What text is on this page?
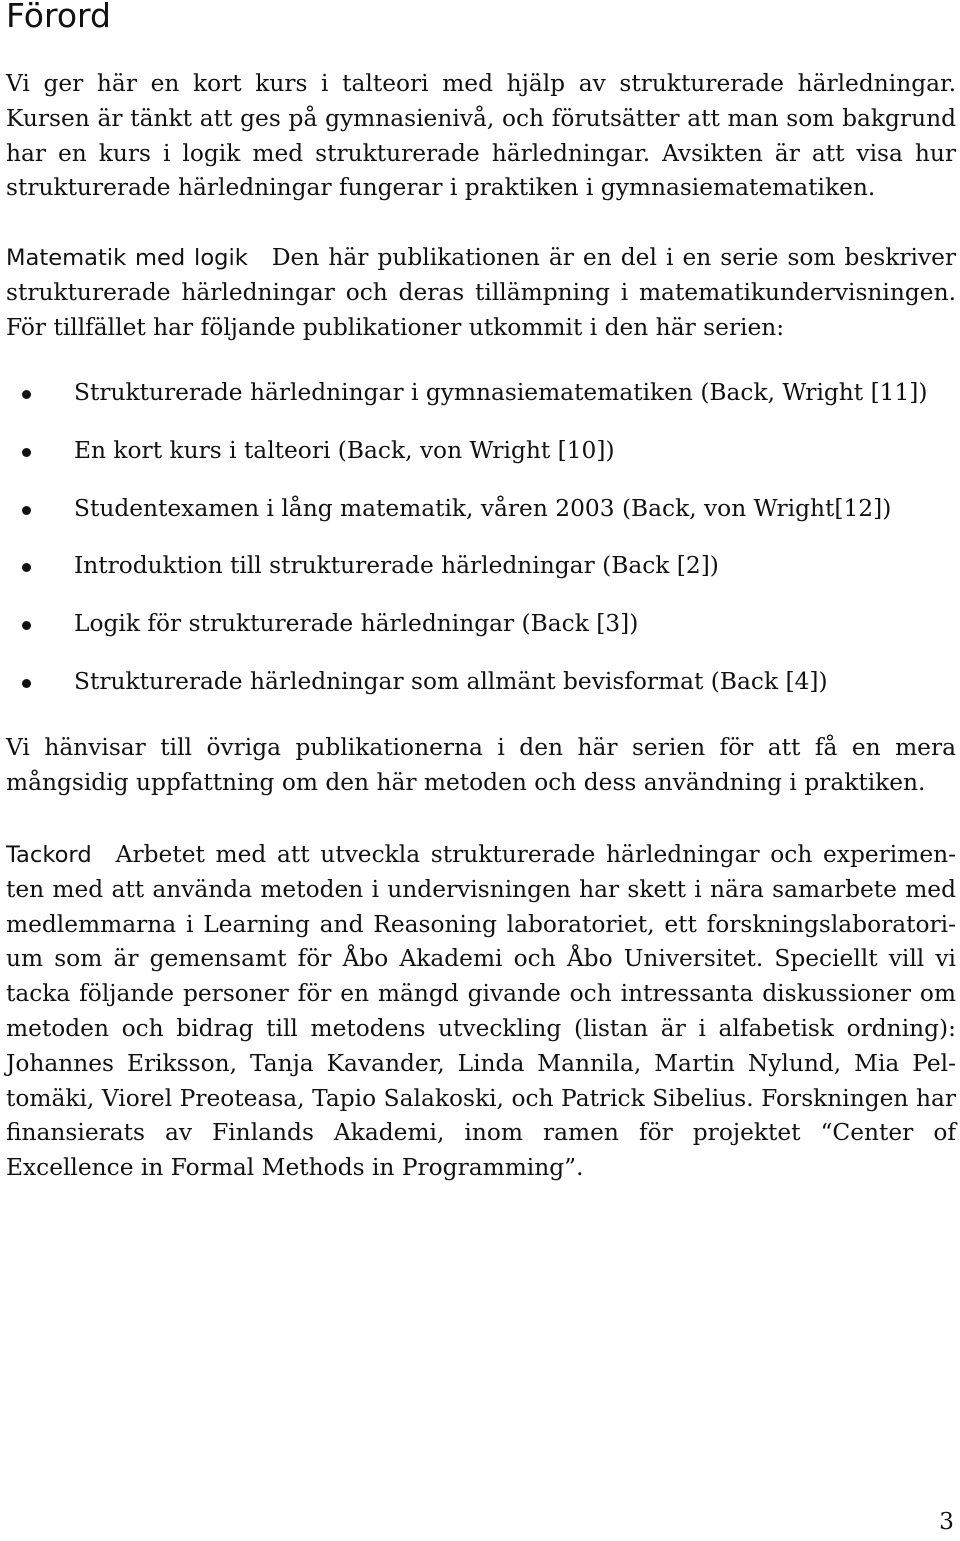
Förord

Vi ger här en kort kurs i talteori med hjälp av strukturerade härledningar. Kursen är tänkt att ges på gymnasienivå, och förutsätter att man som bakgrund har en kurs i logik med strukturerade härledningar. Avsikten är att visa hur strukturerade härledningar fungerar i praktiken i gymnasiematematiken.

Matematik med logik Den här publikationen är en del i en serie som beskriver strukturerade härledningar och deras tillämpning i matematikundervisningen. För tillfället har följande publikationer utkommit i den här serien:

Strukturerade härledningar i gymnasiematematiken (Back, Wright [11])
En kort kurs i talteori (Back, von Wright [10])
Studentexamen i lång matematik, våren 2003 (Back, von Wright[12])
Introduktion till strukturerade härledningar (Back [2])
Logik för strukturerade härledningar (Back [3])
Strukturerade härledningar som allmänt bevisformat (Back [4])

Vi hänvisar till övriga publikationerna i den här serien för att få en mera mångsidig uppfattning om den här metoden och dess användning i praktiken.

Tackord Arbetet med att utveckla strukturerade härledningar och experimenten med att använda metoden i undervisningen har skett i nära samarbete med medlemmarna i Learning and Reasoning laboratoriet, ett forskningslaboratorium som är gemensamt för Åbo Akademi och Åbo Universitet. Speciellt vill vi tacka följande personer för en mängd givande och intressanta diskussioner om metoden och bidrag till metodens utveckling (listan är i alfabetisk ordning): Johannes Eriksson, Tanja Kavander, Linda Mannila, Martin Nylund, Mia Peltomäki, Viorel Preoteasa, Tapio Salakoski, och Patrick Sibelius. Forskningen har finansierats av Finlands Akademi, inom ramen för projektet “Center of Excellence in Formal Methods in Programming”.

3
